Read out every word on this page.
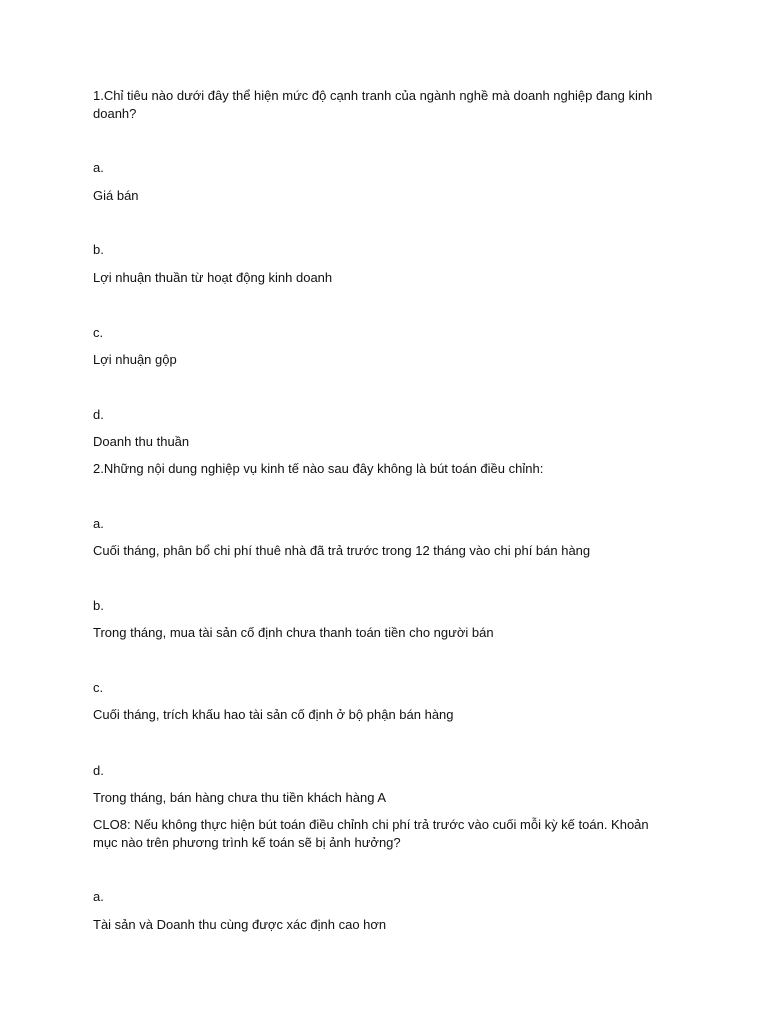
1.Chỉ tiêu nào dưới đây thể hiện mức độ cạnh tranh của ngành nghề mà doanh nghiệp đang kinh doanh?
a.
Giá bán
b.
Lợi nhuận thuần từ hoạt động kinh doanh
c.
Lợi nhuận gộp
d.
Doanh thu thuần
2.Những nội dung nghiệp vụ kinh tế nào sau đây không là bút toán điều chỉnh:
a.
Cuối tháng, phân bổ chi phí thuê nhà đã trả trước trong 12 tháng vào chi phí bán hàng
b.
Trong tháng, mua tài sản cố định chưa thanh toán tiền cho người bán
c.
Cuối tháng, trích khấu hao tài sản cố định ở bộ phận bán hàng
d.
Trong tháng, bán hàng chưa thu tiền khách hàng A
CLO8: Nếu không thực hiện bút toán điều chỉnh chi phí trả trước vào cuối mỗi kỳ kế toán. Khoản mục nào trên phương trình kế toán sẽ bị ảnh hưởng?
a.
Tài sản và Doanh thu cùng được xác định cao hơn
